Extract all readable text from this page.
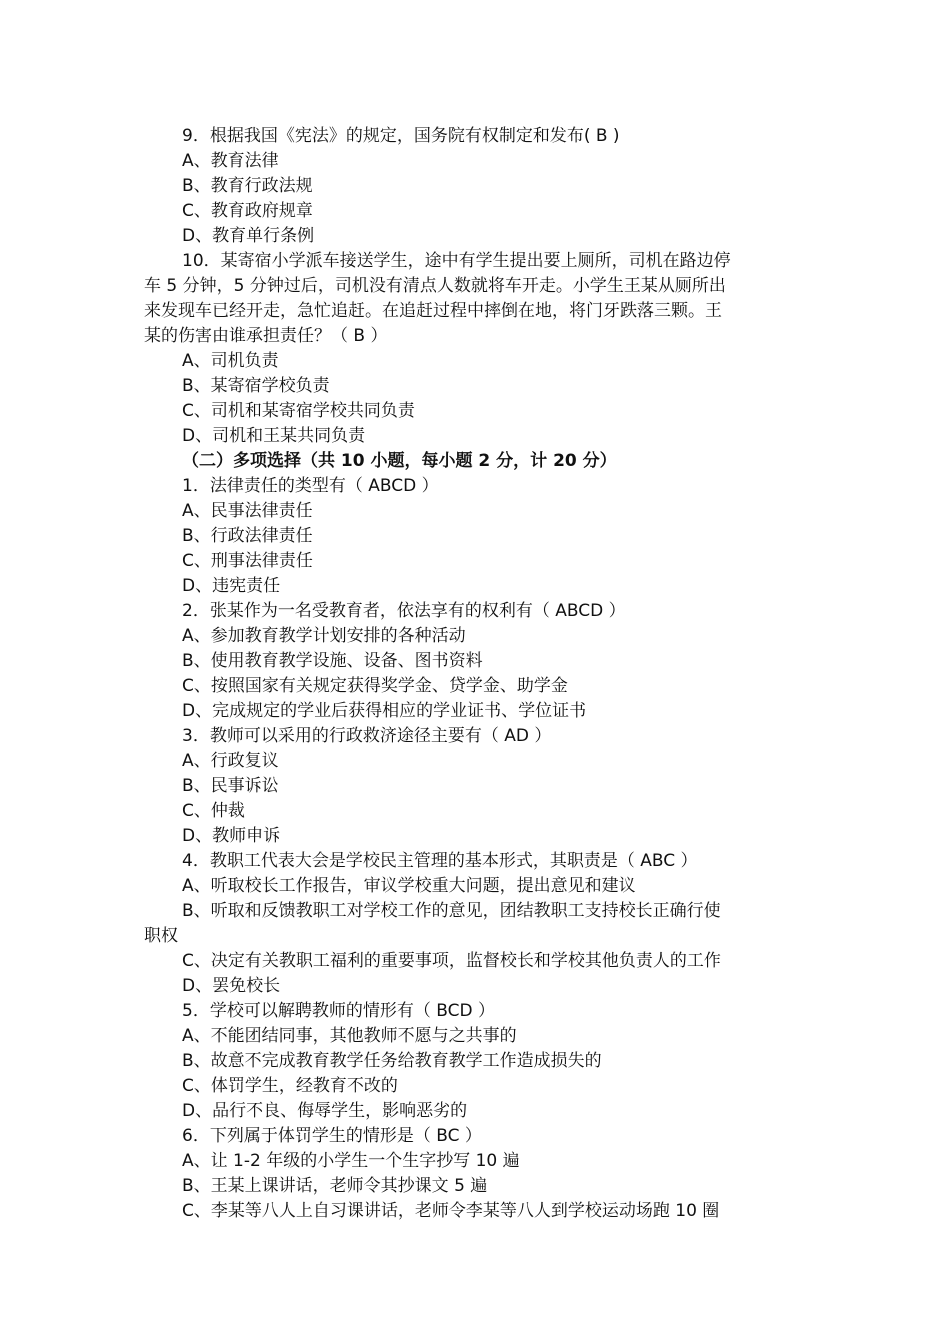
9．根据我国《宪法》的规定，国务院有权制定和发布( B )
A、教育法律
B、教育行政法规
C、教育政府规章
D、教育单行条例
10．某寄宿小学派车接送学生，途中有学生提出要上厕所，司机在路边停
车 5 分钟，5 分钟过后，司机没有清点人数就将车开走。小学生王某从厕所出
来发现车已经开走，急忙追赶。在追赶过程中摔倒在地，将门牙跌落三颗。王
某的伤害由谁承担责任？（ B ）
A、司机负责
B、某寄宿学校负责
C、司机和某寄宿学校共同负责
D、司机和王某共同负责
（二）多项选择（共 10 小题，每小题 2 分，计 20 分）
1．法律责任的类型有（ ABCD ）
A、民事法律责任
B、行政法律责任
C、刑事法律责任
D、违宪责任
2．张某作为一名受教育者，依法享有的权利有（ ABCD ）
A、参加教育教学计划安排的各种活动
B、使用教育教学设施、设备、图书资料
C、按照国家有关规定获得奖学金、贷学金、助学金
D、完成规定的学业后获得相应的学业证书、学位证书
3．教师可以采用的行政救济途径主要有（ AD ）
A、行政复议
B、民事诉讼
C、仲裁
D、教师申诉
4．教职工代表大会是学校民主管理的基本形式，其职责是（ ABC ）
A、听取校长工作报告，审议学校重大问题，提出意见和建议
B、听取和反馈教职工对学校工作的意见，团结教职工支持校长正确行使
职权
C、决定有关教职工福利的重要事项，监督校长和学校其他负责人的工作
D、罢免校长
5．学校可以解聘教师的情形有（ BCD ）
A、不能团结同事，其他教师不愿与之共事的
B、故意不完成教育教学任务给教育教学工作造成损失的
C、体罚学生，经教育不改的
D、品行不良、侮辱学生，影响恶劣的
6．下列属于体罚学生的情形是（ BC ）
A、让 1-2 年级的小学生一个生字抄写 10 遍
B、王某上课讲话，老师令其抄课文 5 遍
C、李某等八人上自习课讲话，老师令李某等八人到学校运动场跑 10 圈
